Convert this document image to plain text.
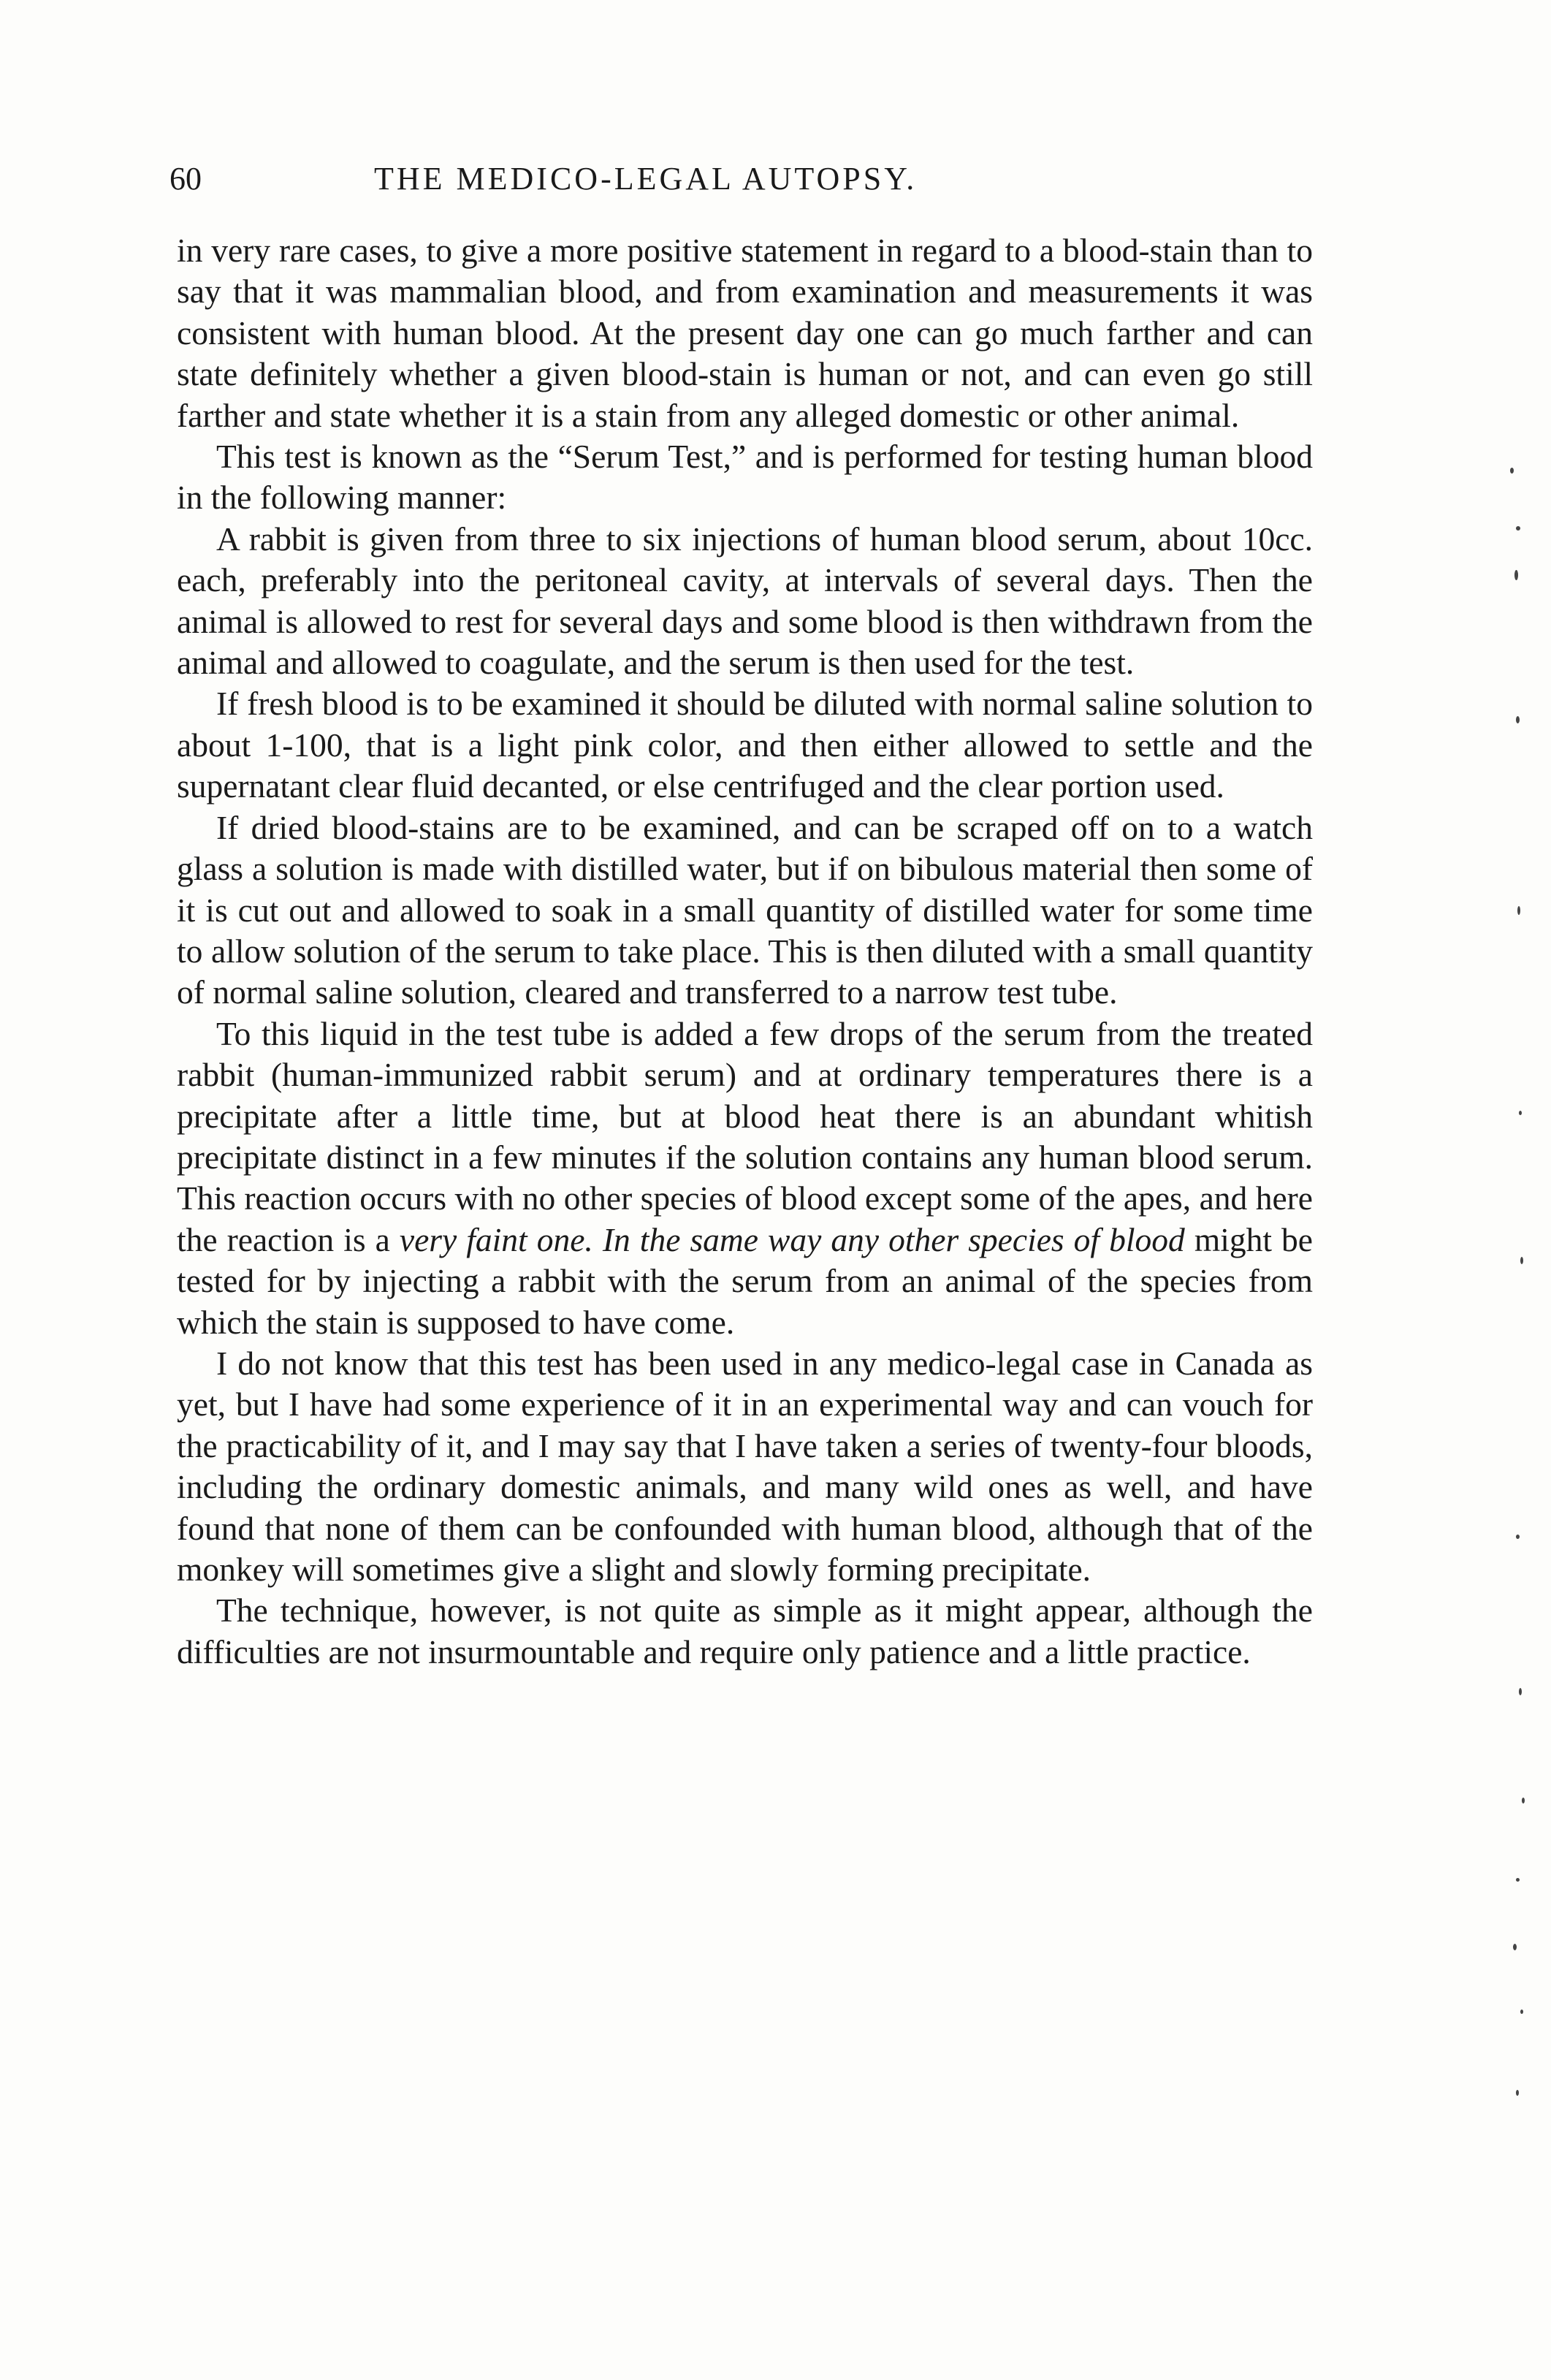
60	THE MEDICO-LEGAL AUTOPSY.

in very rare cases, to give a more positive statement in regard to a blood-stain than to say that it was mammalian blood, and from examination and measurements it was consistent with human blood. At the present day one can go much farther and can state definitely whether a given blood-stain is human or not, and can even go still farther and state whether it is a stain from any alleged domestic or other animal.

This test is known as the “Serum Test,” and is performed for testing human blood in the following manner:

A rabbit is given from three to six injections of human blood serum, about 10cc. each, preferably into the peritoneal cavity, at intervals of several days. Then the animal is allowed to rest for several days and some blood is then withdrawn from the animal and allowed to coagulate, and the serum is then used for the test.

If fresh blood is to be examined it should be diluted with normal saline solution to about 1-100, that is a light pink color, and then either allowed to settle and the supernatant clear fluid decanted, or else centrifuged and the clear portion used.

If dried blood-stains are to be examined, and can be scraped off on to a watch glass a solution is made with distilled water, but if on bibulous material then some of it is cut out and allowed to soak in a small quantity of distilled water for some time to allow solution of the serum to take place. This is then diluted with a small quantity of normal saline solution, cleared and transferred to a narrow test tube.

To this liquid in the test tube is added a few drops of the serum from the treated rabbit (human-immunized rabbit serum) and at ordinary temperatures there is a precipitate after a little time, but at blood heat there is an abundant whitish precipitate distinct in a few minutes if the solution contains any human blood serum. This reaction occurs with no other species of blood except some of the apes, and here the reaction is a very faint one. In the same way any other species of blood might be tested for by injecting a rabbit with the serum from an animal of the species from which the stain is supposed to have come.

I do not know that this test has been used in any medico-legal case in Canada as yet, but I have had some experience of it in an experimental way and can vouch for the practicability of it, and I may say that I have taken a series of twenty-four bloods, including the ordinary domestic animals, and many wild ones as well, and have found that none of them can be confounded with human blood, although that of the monkey will sometimes give a slight and slowly forming precipitate.

The technique, however, is not quite as simple as it might appear, although the difficulties are not insurmountable and require only patience and a little practice.
